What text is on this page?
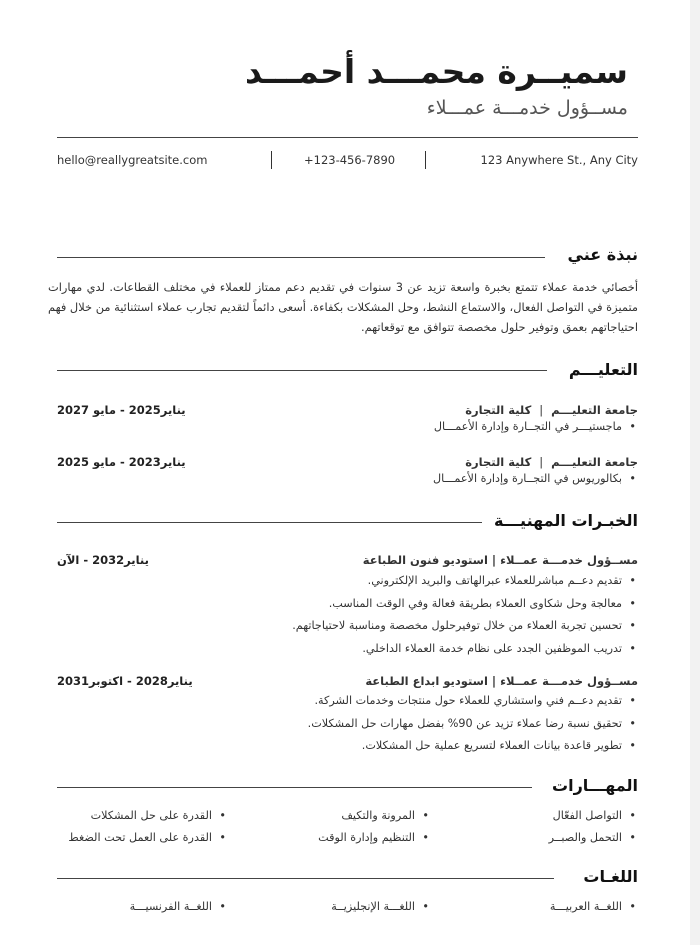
سميــرة محمـــد أحمـــد
مســؤول خدمـــة عمـــلاء
hello@reallygreatsite.com	+123-456-7890	123 Anywhere St., Any City
نبذة عني

أخصائي خدمة عملاء تتمتع بخبرة واسعة تزيد عن 3 سنوات في تقديم دعم ممتاز للعملاء في مختلف القطاعات. لدي مهارات متميزة في التواصل الفعال، والاستماع النشط، وحل المشكلات بكفاءة. أسعى دائماً لتقديم تجارب عملاء استثنائية من خلال فهم احتياجاتهم بعمق وتوفير حلول مخصصة تتوافق مع توقعاتهم.

التعليـــم
جامعة التعليـــم|كلية التجارة
يناير2025 - مايو 2027
• ماجستيـــر في التجــارة وإدارة الأعمـــال
جامعة التعليـــم|كلية التجارة
يناير2023 - مايو 2025
• بكالوريوس في التجــارة وإدارة الأعمـــال
الخبـرات المهنيـــة
مســؤول خدمـــة عمــلاء | استوديو فنون الطباعة
يناير2032 - الآن
• تقديم دعــم مباشرللعملاء عبرالهاتف والبريد الإلكتروني.
• معالجة وحل شكاوى العملاء بطريقة فعالة وفي الوقت المناسب.
• تحسين تجربة العملاء من خلال توفيرحلول مخصصة ومناسبة لاحتياجاتهم.
• تدريب الموظفين الجدد على نظام خدمة العملاء الداخلي.
مســؤول خدمـــة عمــلاء | استوديو ابداع الطباعة
يناير2028 - اكتوبر2031
• تقديم دعــم فني واستشاري للعملاء حول منتجات وخدمات الشركة.
• تحقيق نسبة رضا عملاء تزيد عن 90% بفضل مهارات حل المشكلات.
• تطوير قاعدة بيانات العملاء لتسريع عملية حل المشكلات.
المهـــارات
• التواصل الفعّال
• التحمل والصبــر
• المرونة والتكيف
• التنظيم وإدارة الوقت
• القدرة على حل المشكلات
• القدرة على العمل تحت الضغط
اللغـات
• اللغــة العربيـــة
• اللغـــة الإنجليزيــة
• اللغــة الفرنسيـــة
